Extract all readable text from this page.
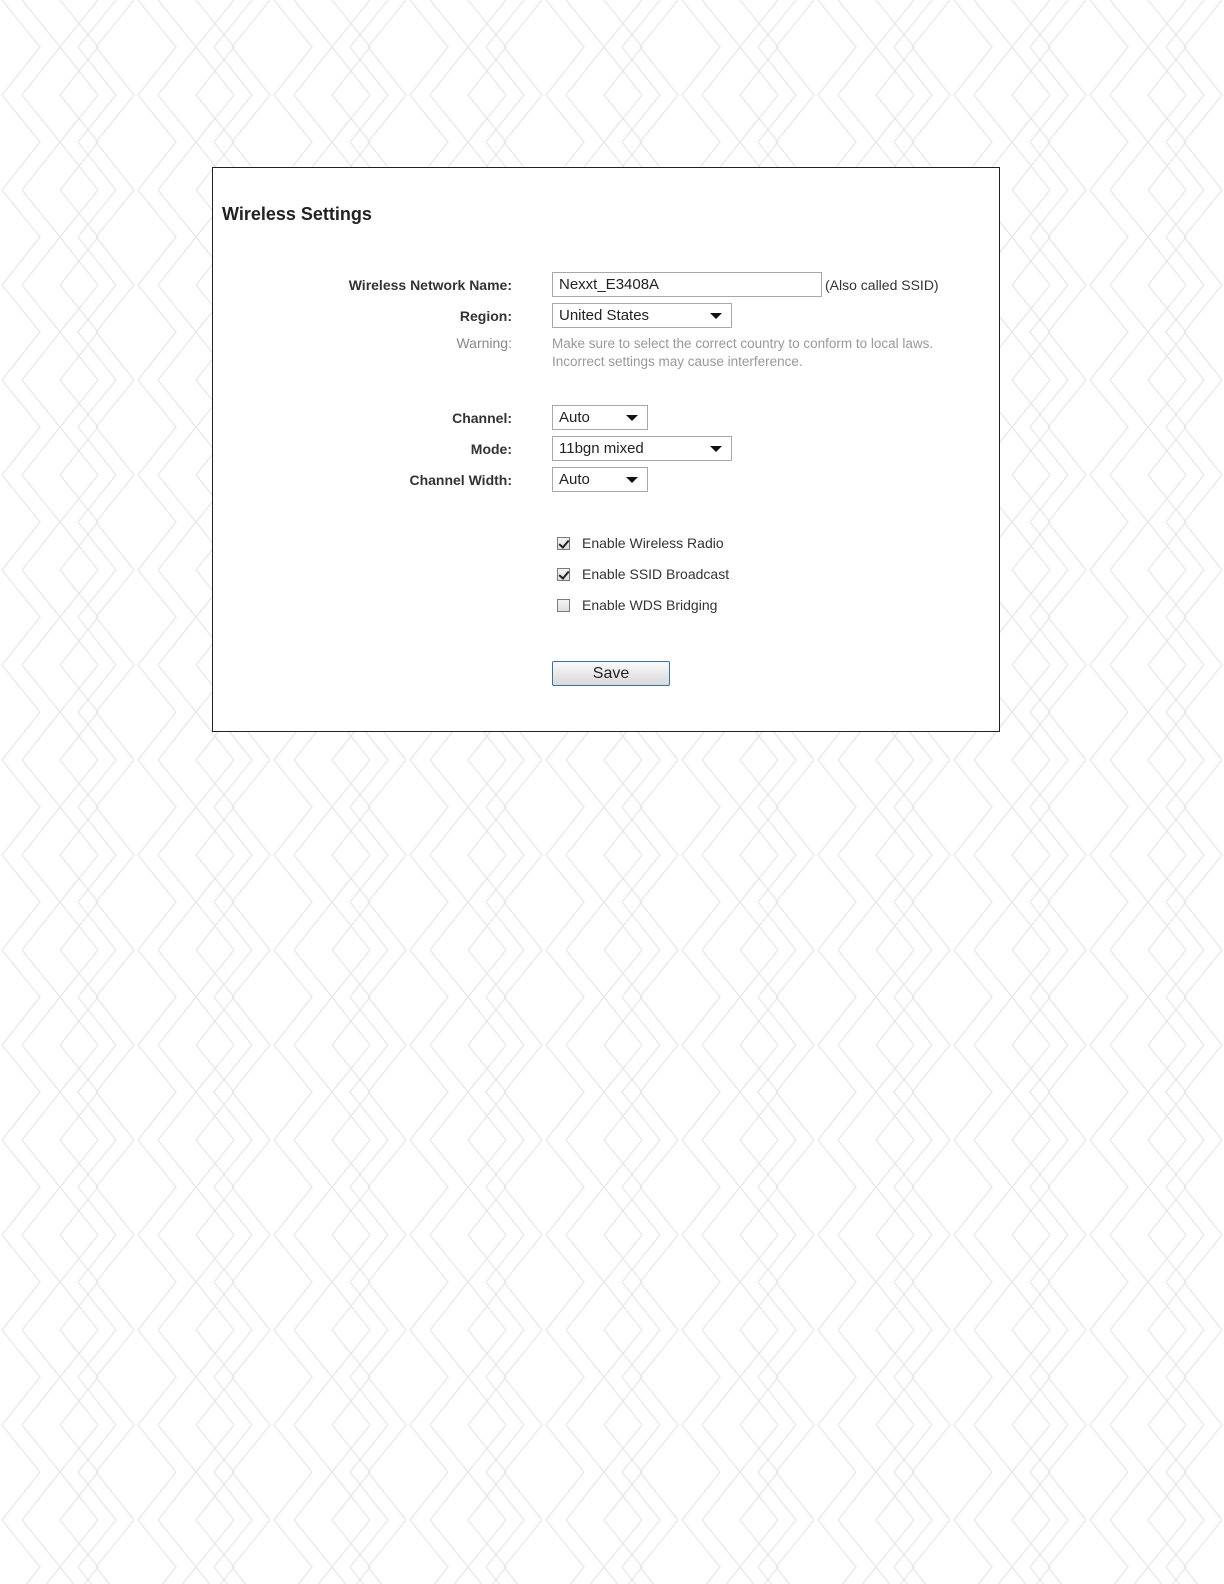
Wireless Settings
Wireless Network Name:	Nexxt_E3408A	(Also called SSID)
Region:	United States
Warning:	Make sure to select the correct country to conform to local laws.
Incorrect settings may cause interference.
Channel:	Auto
Mode:	11bgn mixed
Channel Width:	Auto
Enable Wireless Radio
Enable SSID Broadcast
Enable WDS Bridging
Save
